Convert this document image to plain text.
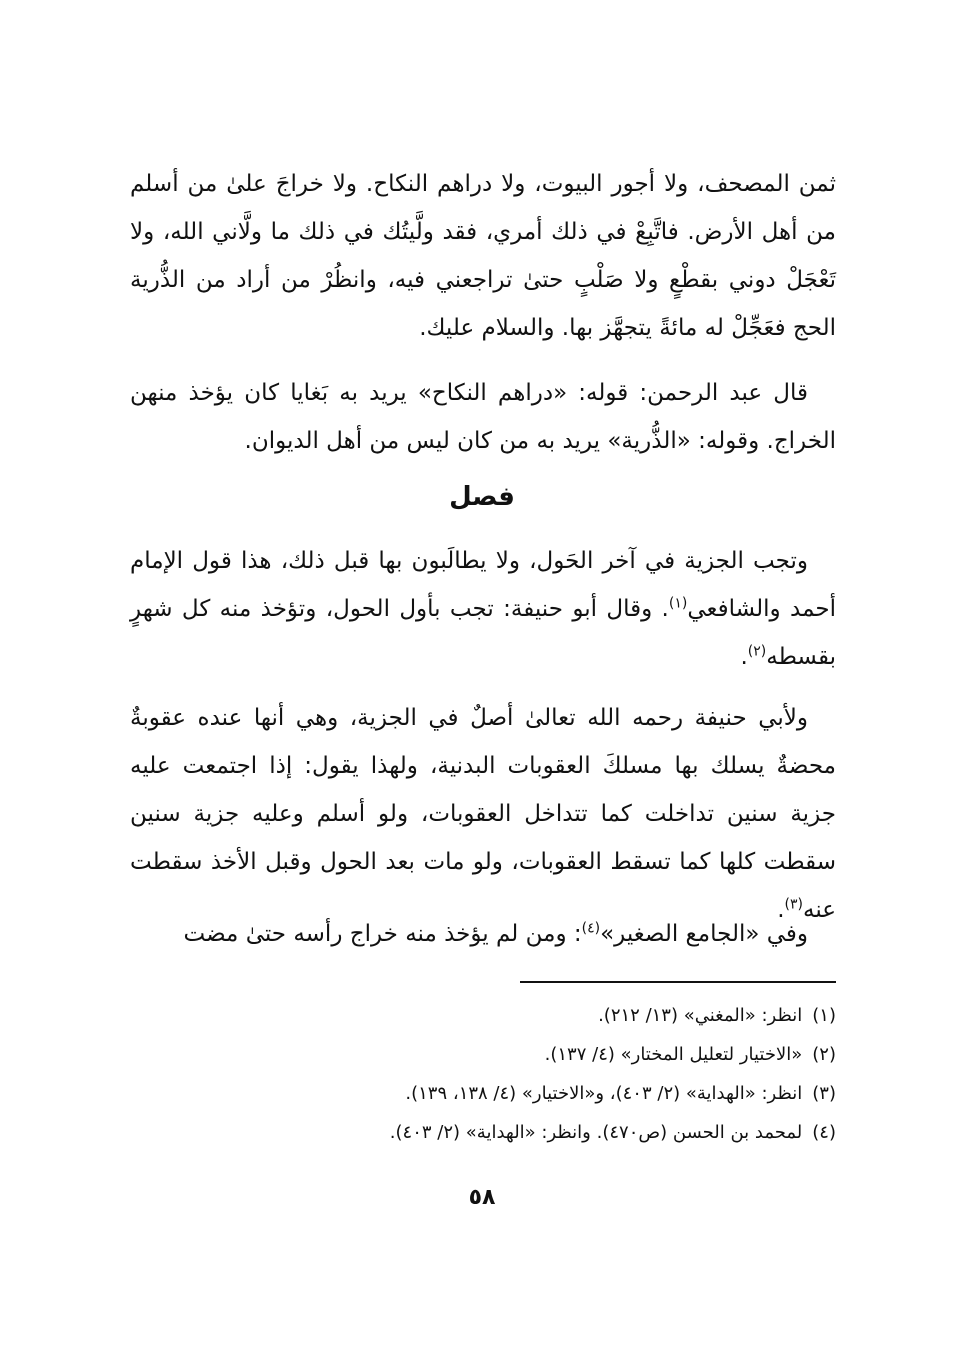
ثمن المصحف، ولا أجور البيوت، ولا دراهم النكاح. ولا خراجَ علىٰ من أسلم من أهل الأرض. فاتَّبِعْ في ذلك أمري، فقد ولَّيتُك في ذلك ما ولَّاني الله، ولا تَعْجَلْ دوني بقطْعٍ ولا صَلْبٍ حتىٰ تراجعني فيه، وانظُرْ من أراد من الذُّرية الحج فعَجِّلْ له مائةً يتجهَّز بها. والسلام عليك.

قال عبد الرحمن: قوله: «دراهم النكاح» يريد به بَغايا كان يؤخذ منهن الخراج. وقوله: «الذُّرية» يريد به من كان ليس من أهل الديوان.

فصل

وتجب الجزية في آخر الحَول، ولا يطالَبون بها قبل ذلك، هذا قول الإمام أحمد والشافعي$^{(١)}$. وقال أبو حنيفة: تجب بأول الحول، وتؤخذ منه كل شهرٍ بقسطه$^{(٢)}$.

ولأبي حنيفة رحمه الله تعالىٰ أصلٌ في الجزية، وهي أنها عنده عقوبةٌ محضةٌ يسلك بها مسلكَ العقوبات البدنية، ولهذا يقول: إذا اجتمعت عليه جزية سنين تداخلت كما تتداخل العقوبات، ولو أسلم وعليه جزية سنين سقطت كلها كما تسقط العقوبات، ولو مات بعد الحول وقبل الأخذ سقطت عنه$^{(٣)}$.

وفي «الجامع الصغير»$^{(٤)}$: ومن لم يؤخذ منه خراج رأسه حتىٰ مضت

(١)انظر: «المغني» (١٣/ ٢١٢).

(٢)«الاختيار لتعليل المختار» (٤/ ١٣٧).

(٣)انظر: «الهداية» (٢/ ٤٠٣)، و«الاختيار» (٤/ ١٣٨، ١٣٩).

(٤)لمحمد بن الحسن (ص٤٧٠). وانظر: «الهداية» (٢/ ٤٠٣).

٥٨
